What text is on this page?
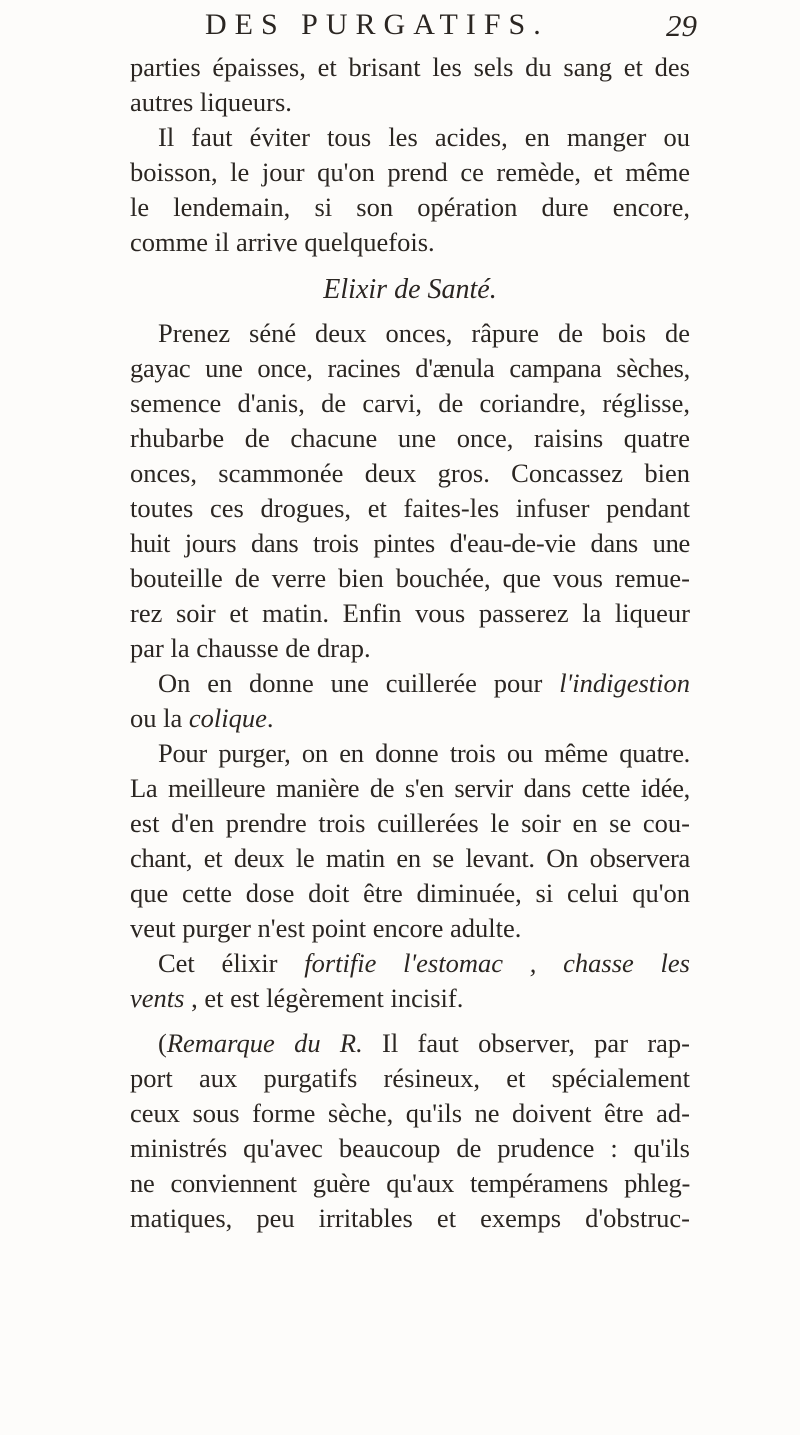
DES PURGATIFS.	29
parties épaisses, et brisant les sels du sang et des
autres liqueurs.
Il faut éviter tous les acides, en manger ou
boisson, le jour qu'on prend ce remède, et même
le lendemain, si son opération dure encore,
comme il arrive quelquefois.
Elixir de Santé.
Prenez séné deux onces, râpure de bois de
gayac une once, racines d'ænula campana sèches,
semence d'anis, de carvi, de coriandre, réglisse,
rhubarbe de chacune une once, raisins quatre
onces, scammonée deux gros. Concassez bien
toutes ces drogues, et faites-les infuser pendant
huit jours dans trois pintes d'eau-de-vie dans une
bouteille de verre bien bouchée, que vous remue-
rez soir et matin. Enfin vous passerez la liqueur
par la chausse de drap.
On en donne une cuillerée pour l'indigestion
ou la colique.
Pour purger, on en donne trois ou même quatre.
La meilleure manière de s'en servir dans cette idée,
est d'en prendre trois cuillerées le soir en se cou-
chant, et deux le matin en se levant. On observera
que cette dose doit être diminuée, si celui qu'on
veut purger n'est point encore adulte.
Cet élixir fortifie l'estomac , chasse les
vents , et est légèrement incisif.
(Remarque du R. Il faut observer, par rap-
port aux purgatifs résineux, et spécialement
ceux sous forme sèche, qu'ils ne doivent être ad-
ministrés qu'avec beaucoup de prudence : qu'ils
ne conviennent guère qu'aux tempéramens phleg-
matiques, peu irritables et exemps d'obstruc-
